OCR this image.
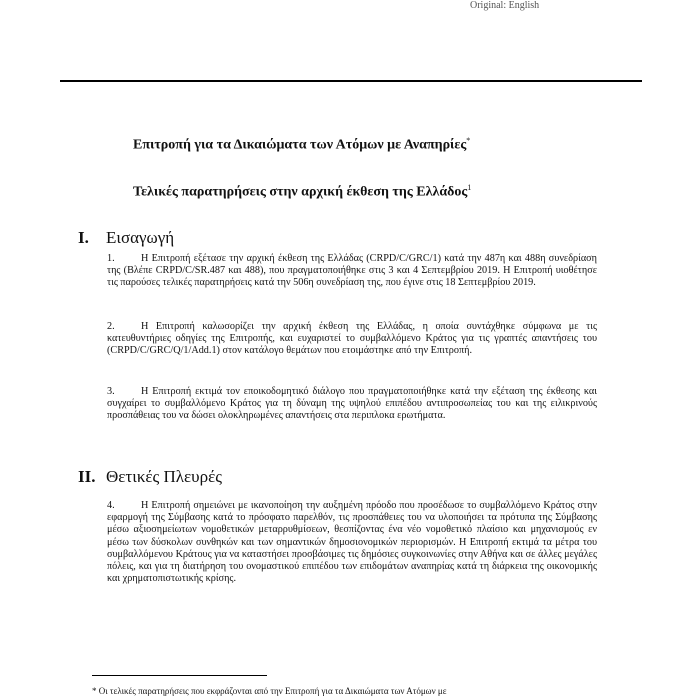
Original: English
Επιτροπή για τα Δικαιώματα των Ατόμων με Αναπηρίες*
Τελικές παρατηρήσεις στην αρχική έκθεση της Ελλάδος$^1$
I. Εισαγωγή
1.	Η Επιτροπή εξέτασε την αρχική έκθεση της Ελλάδας (CRPD/C/GRC/1) κατά την 487η και 488η συνεδρίαση της (Βλέπε CRPD/C/SR.487 και 488), που πραγματοποιήθηκε στις 3 και 4 Σεπτεμβρίου 2019. Η Επιτροπή υιοθέτησε τις παρούσες τελικές παρατηρήσεις κατά την 506η συνεδρίαση της, που έγινε στις 18 Σεπτεμβρίου 2019.
2.	Η Επιτροπή καλωσορίζει την αρχική έκθεση της Ελλάδας, η οποία συντάχθηκε σύμφωνα με τις κατευθυντήριες οδηγίες της Επιτροπής, και ευχαριστεί το συμβαλλόμενο Κράτος για τις γραπτές απαντήσεις του (CRPD/C/GRC/Q/1/Add.1) στον κατάλογο θεμάτων που ετοιμάστηκε από την Επιτροπή.
3.	Η Επιτροπή εκτιμά τον εποικοδομητικό διάλογο που πραγματοποιήθηκε κατά την εξέταση της έκθεσης και συγχαίρει το συμβαλλόμενο Κράτος για τη δύναμη της υψηλού επιπέδου αντιπροσωπείας του και της ειλικρινούς προσπάθειας του να δώσει ολοκληρωμένες απαντήσεις στα περιπλοκα ερωτήματα.
II. Θετικές Πλευρές
4.	Η Επιτροπή σημειώνει με ικανοποίηση την αυξημένη πρόοδο που προσέδωσε το συμβαλλόμενο Κράτος στην εφαρμογή της Σύμβασης κατά το πρόσφατο παρελθόν, τις προσπάθειες του να υλοποιήσει τα πρότυπα της Σύμβασης μέσω αξιοσημείωτων νομοθετικών μεταρρυθμίσεων, θεσπίζοντας ένα νέο νομοθετικό πλαίσιο και μηχανισμούς εν μέσω των δύσκολων συνθηκών και των σημαντικών δημοσιονομικών περιορισμών. Η Επιτροπή εκτιμά τα μέτρα του συμβαλλόμενου Κράτους για να καταστήσει προσβάσιμες τις δημόσιες συγκοινωνίες στην Αθήνα και σε άλλες μεγάλες πόλεις, και για τη διατήρηση του ονομαστικού επιπέδου των επιδομάτων αναπηρίας κατά τη διάρκεια της οικονομικής και χρηματοπιστωτικής κρίσης.
* Οι τελικές παρατηρήσεις που εκφράζονται από την Επιτροπή για τα Δικαιώματα των Ατόμων με
